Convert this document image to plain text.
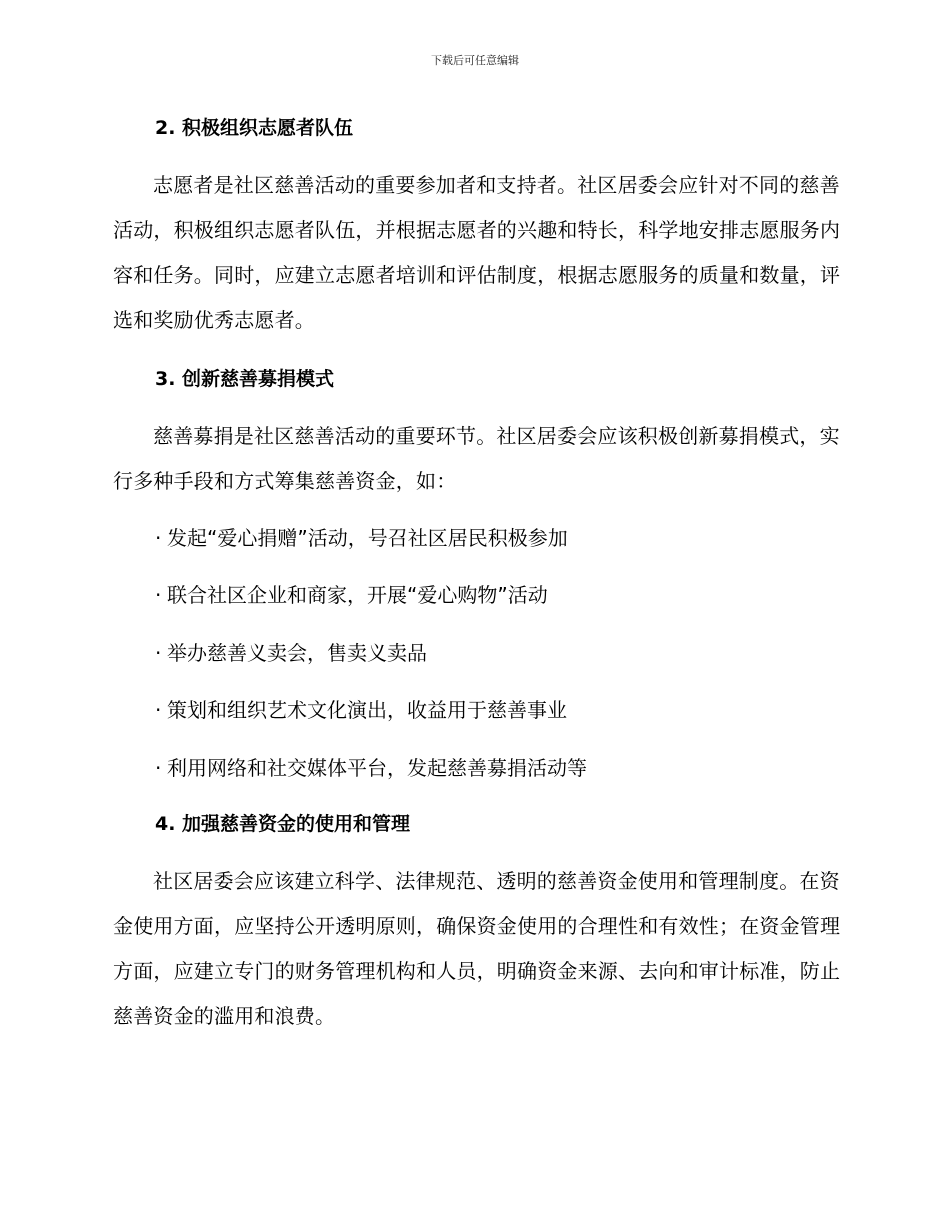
下载后可任意编辑
2. 积极组织志愿者队伍

志愿者是社区慈善活动的重要参加者和支持者。社区居委会应针对不同的慈善活动，积极组织志愿者队伍，并根据志愿者的兴趣和特长，科学地安排志愿服务内容和任务。同时，应建立志愿者培训和评估制度，根据志愿服务的质量和数量，评选和奖励优秀志愿者。

3. 创新慈善募捐模式

慈善募捐是社区慈善活动的重要环节。社区居委会应该积极创新募捐模式，实行多种手段和方式筹集慈善资金，如：

· 发起“爱心捐赠”活动，号召社区居民积极参加
· 联合社区企业和商家，开展“爱心购物”活动
· 举办慈善义卖会，售卖义卖品
· 策划和组织艺术文化演出，收益用于慈善事业
· 利用网络和社交媒体平台，发起慈善募捐活动等
4. 加强慈善资金的使用和管理

社区居委会应该建立科学、法律规范、透明的慈善资金使用和管理制度。在资金使用方面，应坚持公开透明原则，确保资金使用的合理性和有效性；在资金管理方面，应建立专门的财务管理机构和人员，明确资金来源、去向和审计标准，防止慈善资金的滥用和浪费。
